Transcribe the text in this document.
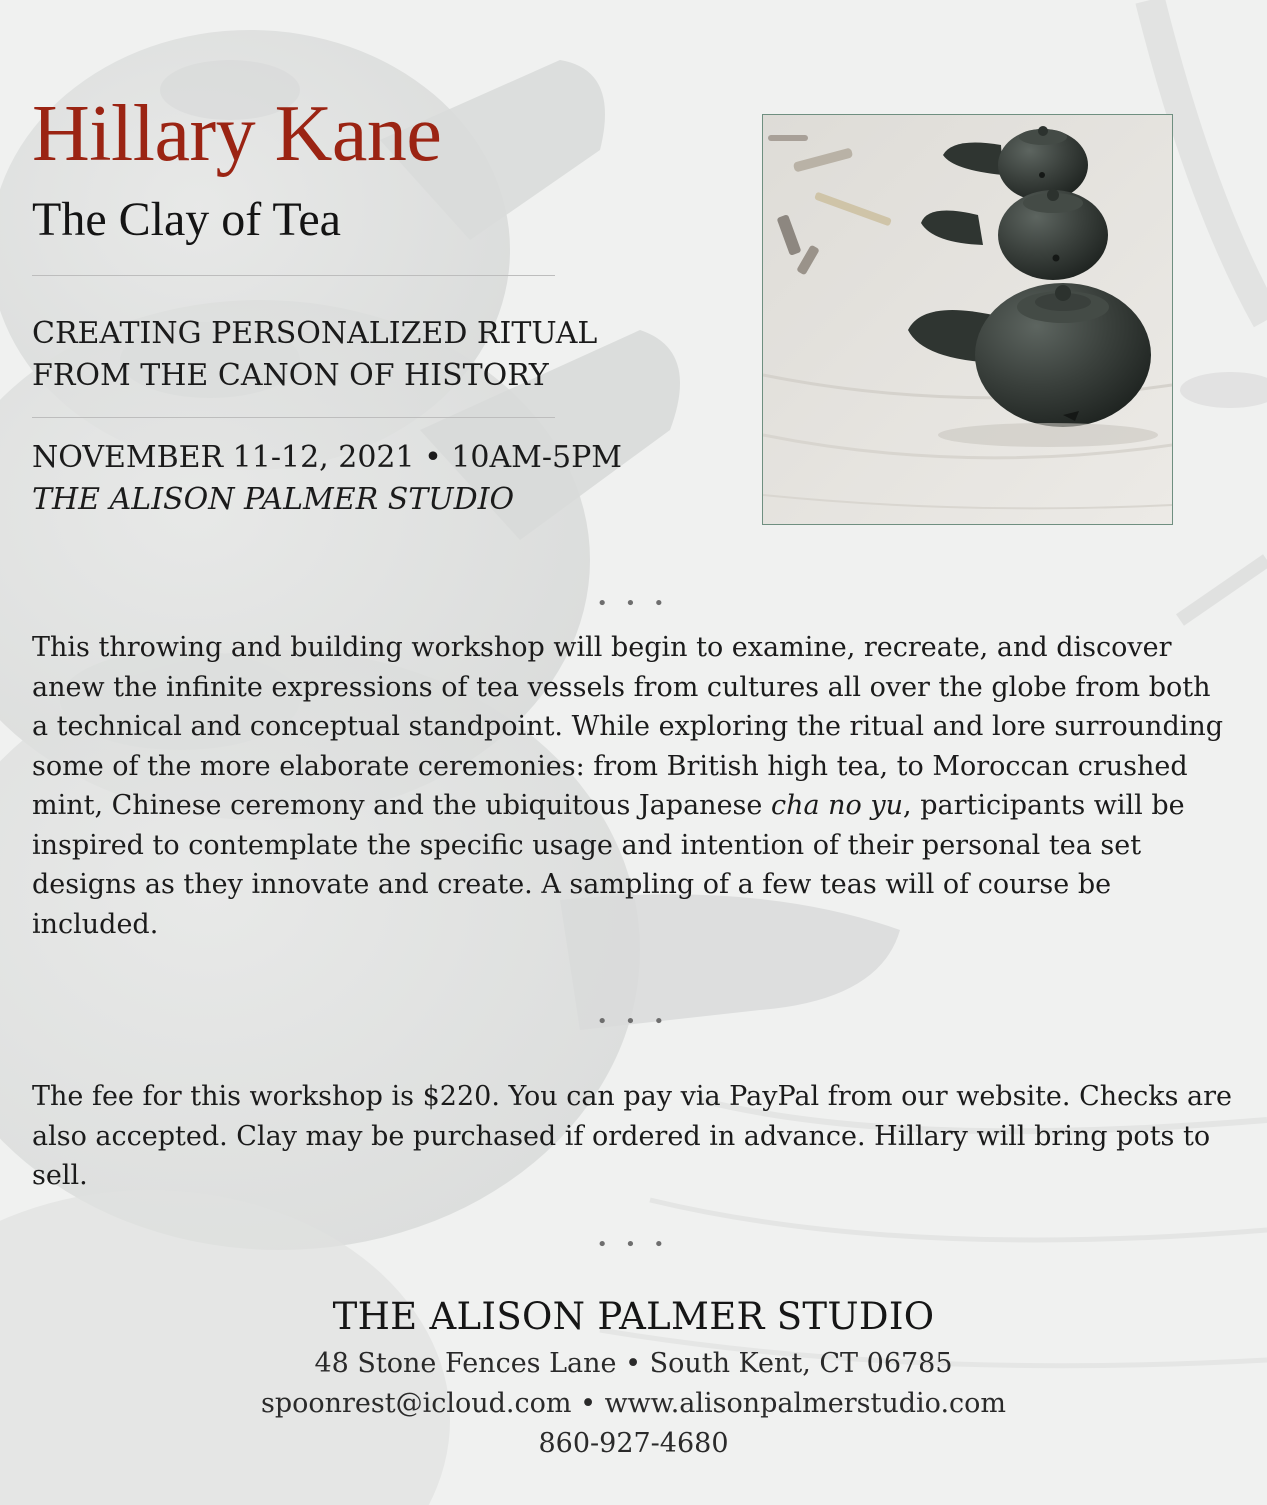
Hillary Kane
The Clay of Tea
CREATING PERSONALIZED RITUAL
FROM THE CANON OF HISTORY
NOVEMBER 11-12, 2021 • 10AM-5PM
THE ALISON PALMER STUDIO
• • •

This throwing and building workshop will begin to examine, recreate, and discover anew the infinite expressions of tea vessels from cultures all over the globe from both a technical and conceptual standpoint. While exploring the ritual and lore surrounding some of the more elaborate ceremonies: from British high tea, to Moroccan crushed mint, Chinese ceremony and the ubiquitous Japanese cha no yu, participants will be inspired to contemplate the specific usage and intention of their personal tea set designs as they innovate and create. A sampling of a few teas will of course be included.

• • •

The fee for this workshop is $220. You can pay via PayPal from our website. Checks are also accepted. Clay may be purchased if ordered in advance. Hillary will bring pots to sell.

• • •
THE ALISON PALMER STUDIO
48 Stone Fences Lane • South Kent, CT 06785
spoonrest@icloud.com • www.alisonpalmerstudio.com
860-927-4680
